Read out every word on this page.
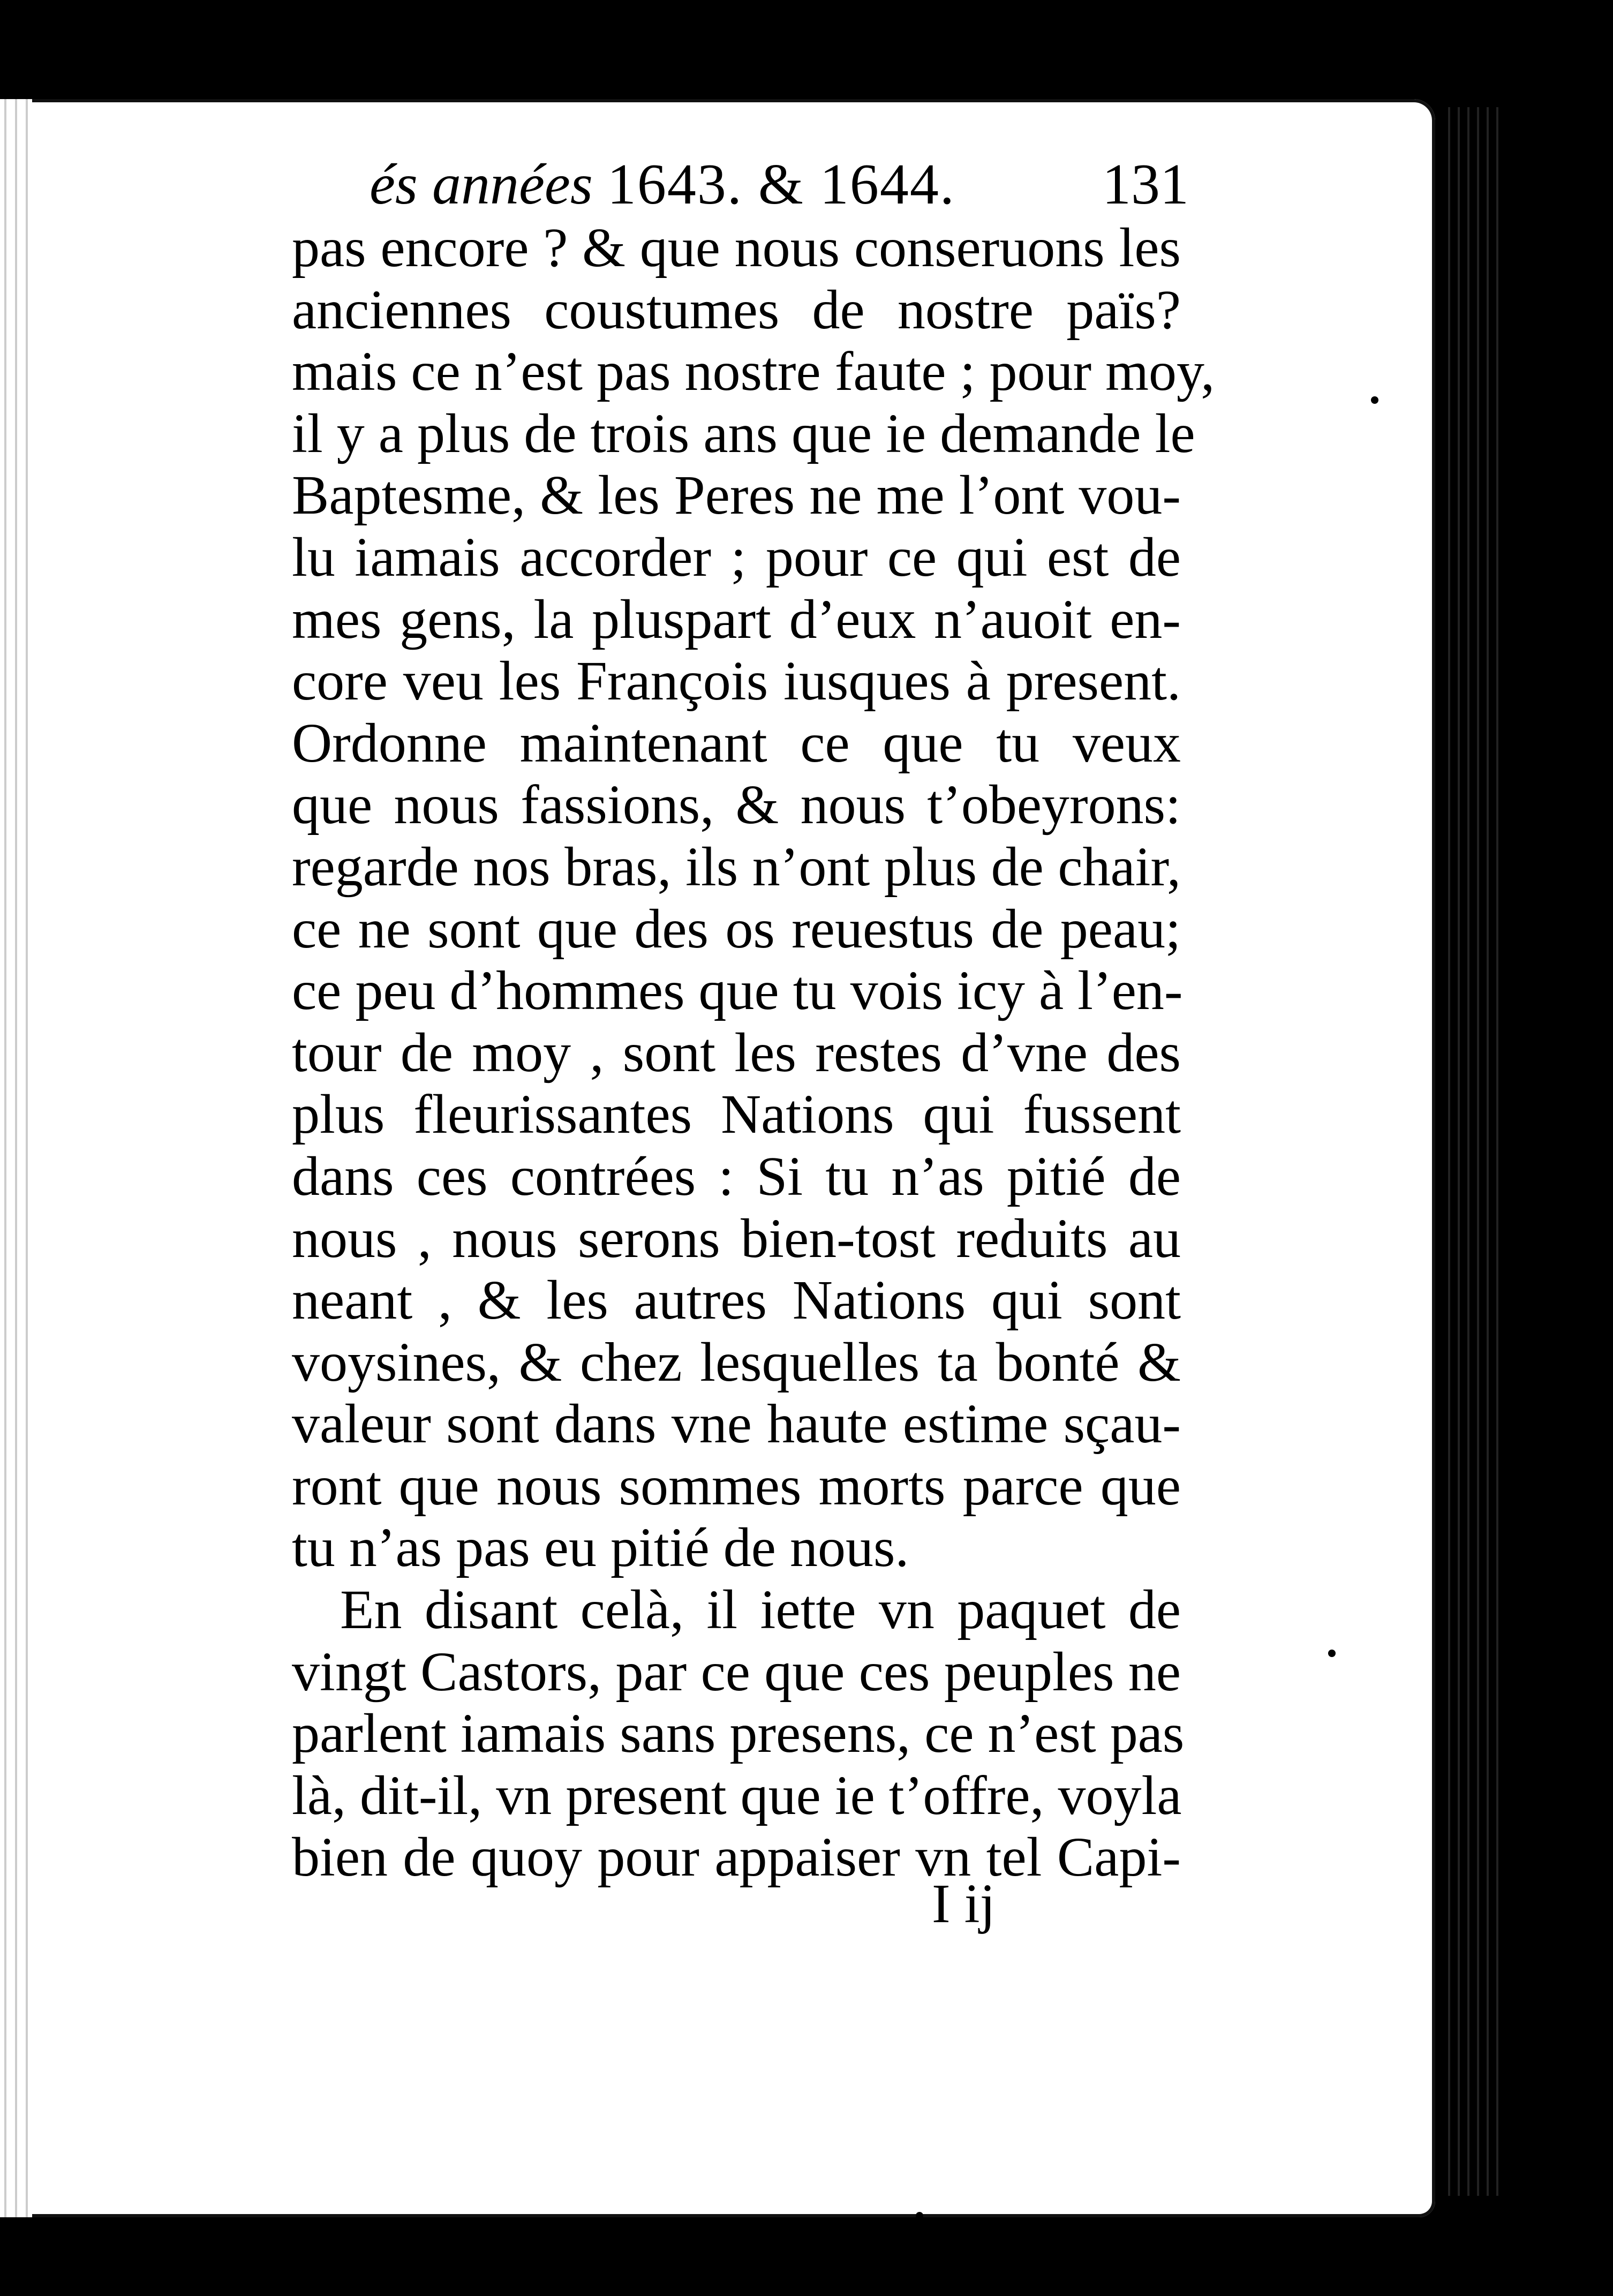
és années 1643. & 1644.	131
pas encore ? & que nous conseruons les
anciennes coustumes de nostre païs?
mais ce n’est pas nostre faute ; pour moy,
il y a plus de trois ans que ie demande le
Baptesme, & les Peres ne me l’ont vou-
lu iamais accorder ; pour ce qui est de
mes gens, la pluspart d’eux n’auoit en-
core veu les François iusques à present.
Ordonne maintenant ce que tu veux
que nous fassions, & nous t’obeyrons:
regarde nos bras, ils n’ont plus de chair,
ce ne sont que des os reuestus de peau;
ce peu d’hommes que tu vois icy à l’en-
tour de moy , sont les restes d’vne des
plus fleurissantes Nations qui fussent
dans ces contrées : Si tu n’as pitié de
nous , nous serons bien-tost reduits au
neant , & les autres Nations qui sont
voysines, & chez lesquelles ta bonté &
valeur sont dans vne haute estime sçau-
ront que nous sommes morts parce que
tu n’as pas eu pitié de nous.
En disant celà, il iette vn paquet de
vingt Castors, par ce que ces peuples ne
parlent iamais sans presens, ce n’est pas
là, dit-il, vn present que ie t’offre, voyla
bien de quoy pour appaiser vn tel Capi-
I ij
